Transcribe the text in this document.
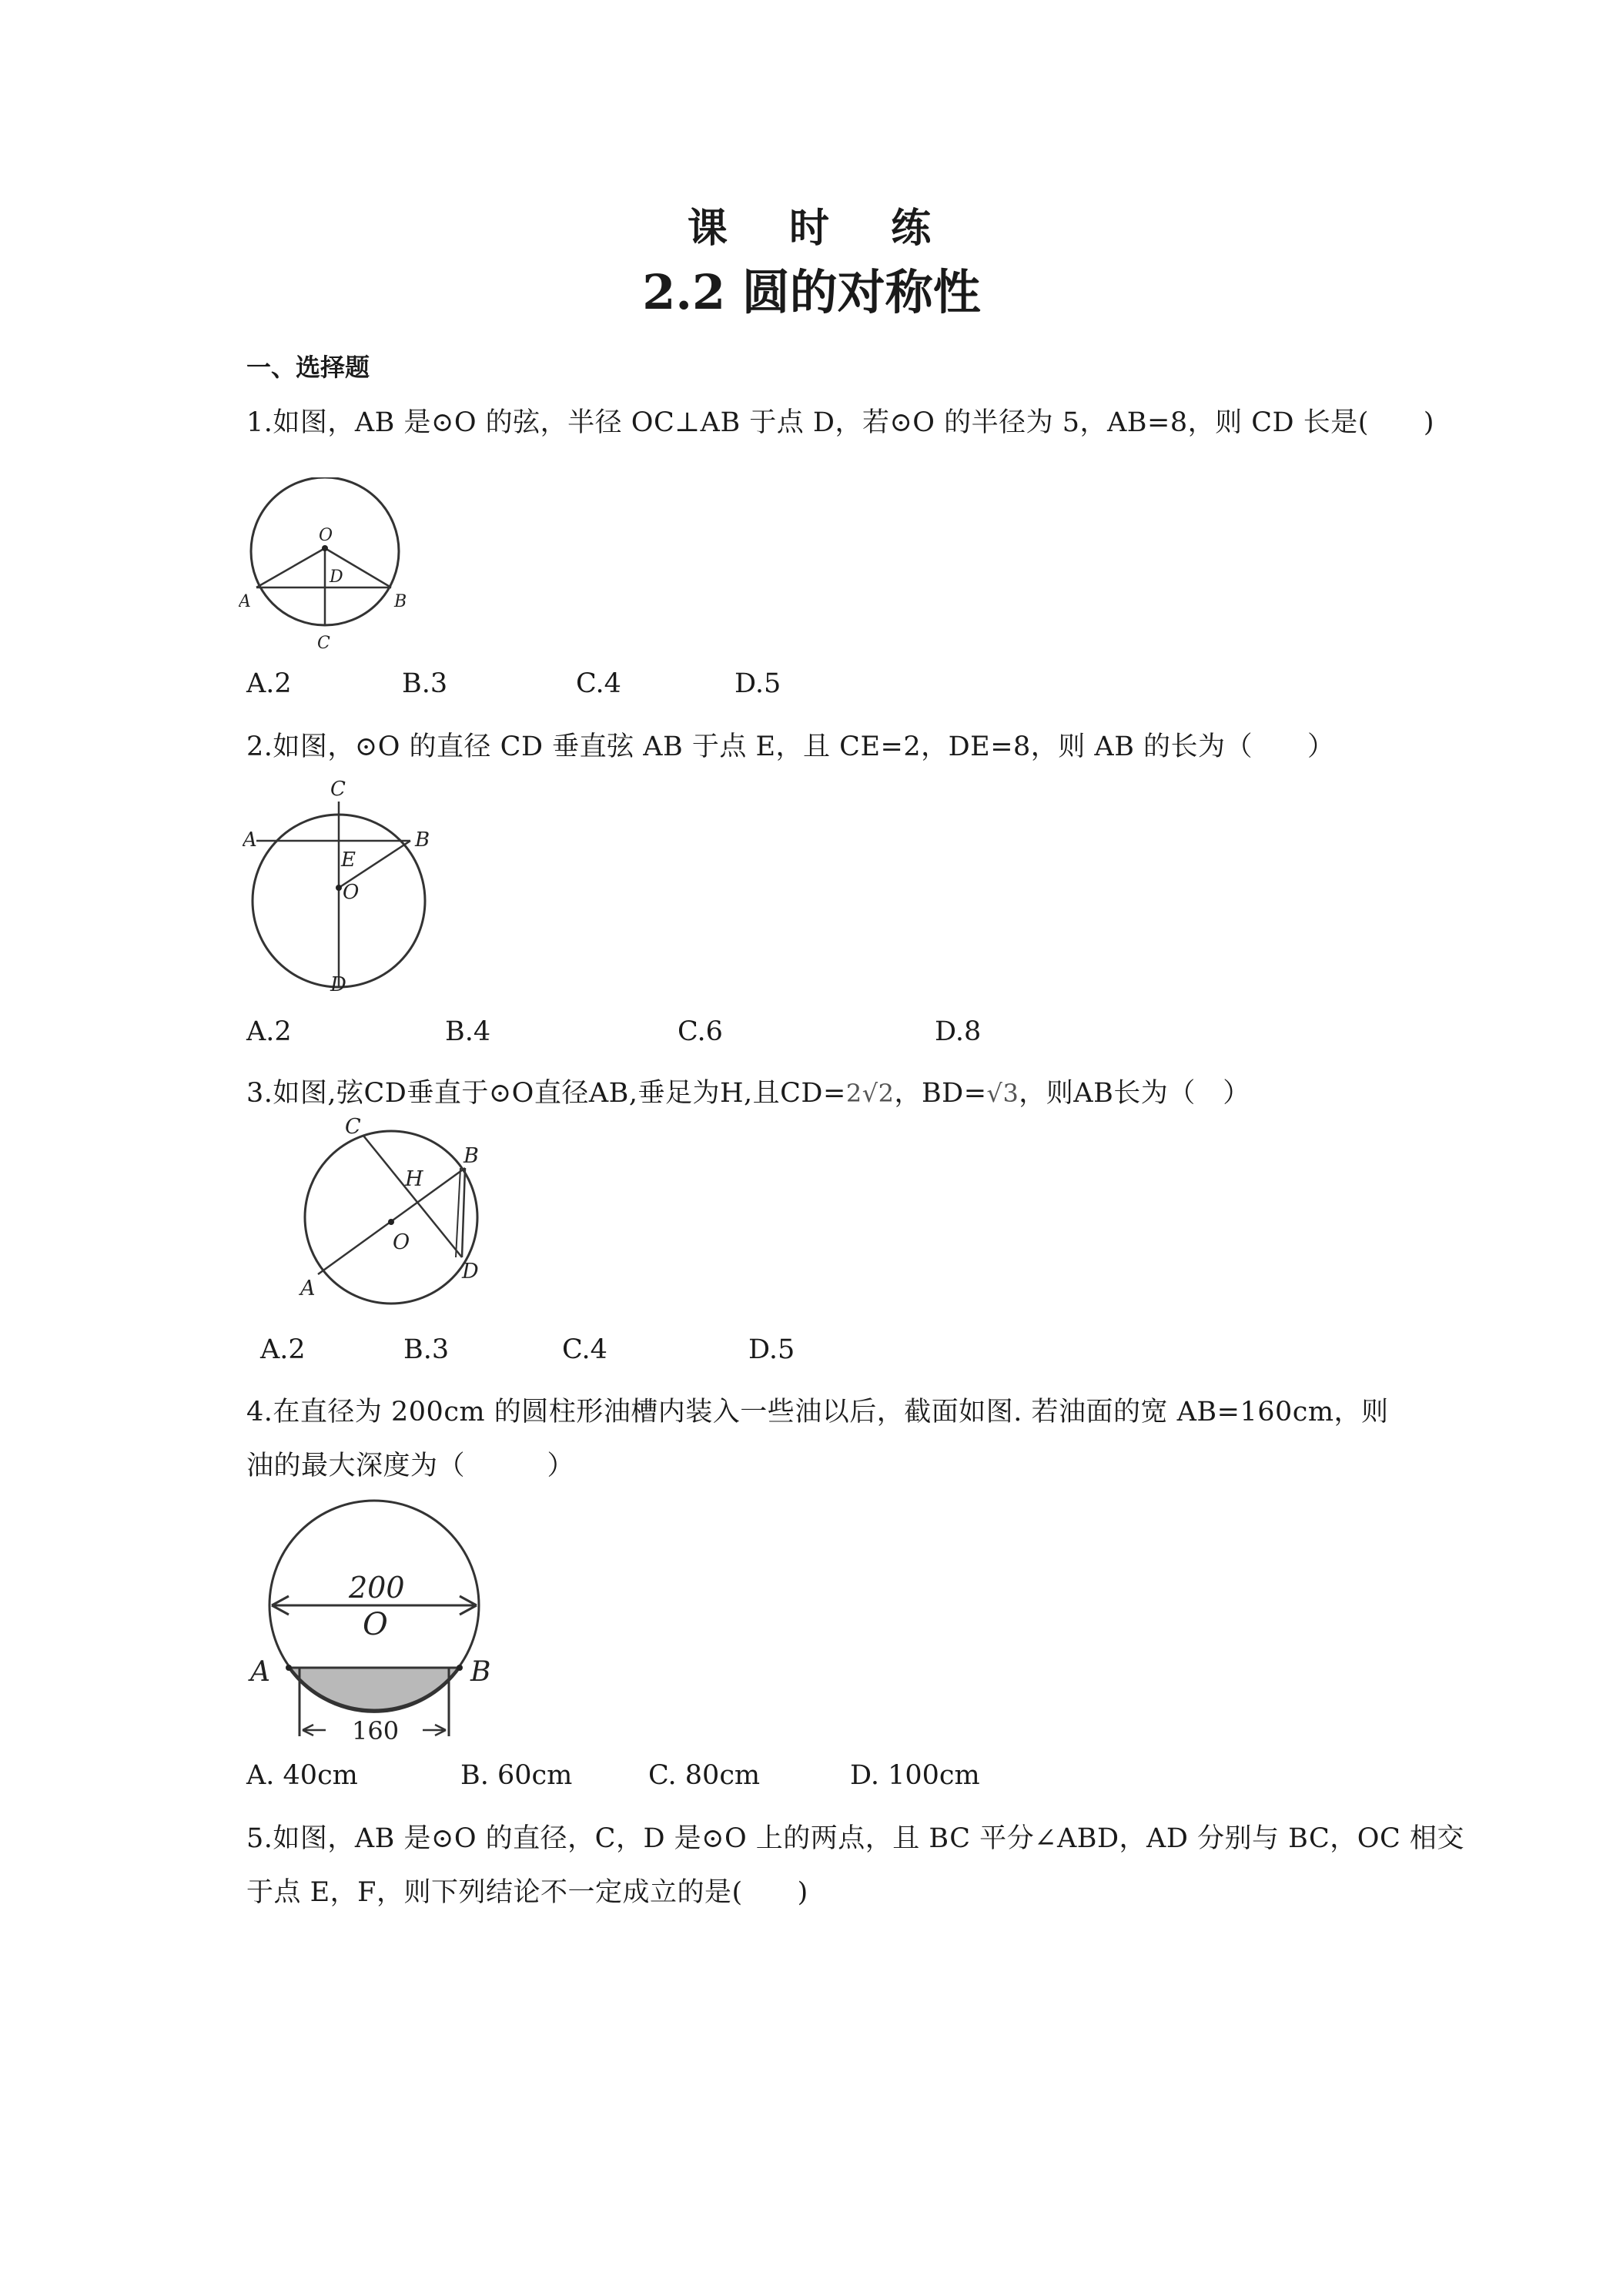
课 时 练
2.2 圆的对称性
一、选择题
1.如图，AB 是⊙O 的弦，半径 OC⊥AB 于点 D，若⊙O 的半径为 5，AB=8，则 CD 长是(　　)
O
D
A	B
C
A.2	B.3	C.4	D.5
2.如图，⊙O 的直径 CD 垂直弦 AB 于点 E，且 CE=2，DE=8，则 AB 的长为（　　）
C
A	B
E
O
D
A.2	B.4	C.6	D.8
3.如图,弦CD垂直于⊙O直径AB,垂足为H,且CD=2√2，BD=√3，则AB长为（　）
C
B
H
O
A
D
A.2	B.3	C.4	D.5
4.在直径为 200cm 的圆柱形油槽内装入一些油以后，截面如图. 若油面的宽 AB=160cm，则
油的最大深度为（　　　）
200
O
A	B
160
A. 40cm	B. 60cm	C. 80cm	D. 100cm
5.如图，AB 是⊙O 的直径，C，D 是⊙O 上的两点，且 BC 平分∠ABD，AD 分别与 BC，OC 相交
于点 E，F，则下列结论不一定成立的是(　　)
